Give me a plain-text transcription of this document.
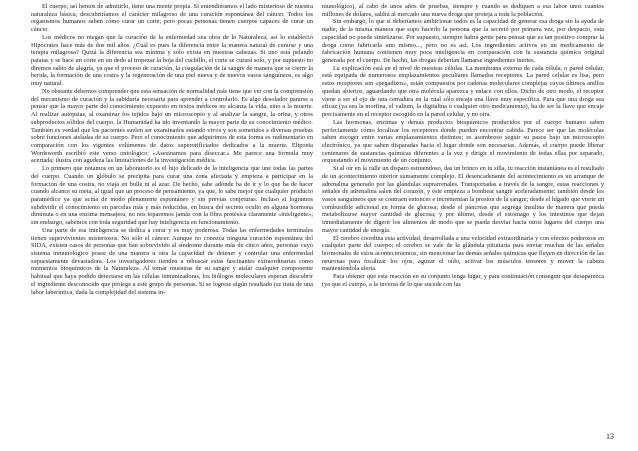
El cuerpo, así hemos de admitirlo, tiene una mente propia. Si entendiéramos el lado misterioso de nuestra naturaleza básica, descubriríamos el carácter milagroso de una curación espontánea del cáncer. Todos los organismos humanos saben cómo curar un corte, pero pocas personas tienen cuerpos capaces de curar un cáncer.

Los médicos no niegan que la curación de la enfermedad sea obra de la Naturaleza; así lo estableció Hipócrates hace más de dos mil años. ¿Cuál es pues la diferencia entre la manera natural de curarse y una terapia milagrosa? Quizá la diferencia sea mínima y sólo exista en nuestras cabezas. Si uno está pelando patatas y se hace un corte en un dedo al tropezar la hoja del cuchillo, el corte se curará solo, y por supuesto no diremos sabio de alegría, ya que el proceso de curación, la coagulación de la sangre de manera que se cierre la herida, la formación de una costra y la regeneración de una piel nueva y de nuevos vasos sanguíneos, es algo muy natural.

No obstante debemos comprender que esta sensación de normalidad más tiene que ver con la comprensión del mecanismo de curación y la sabiduría necesaria para aprender a controlarlo. Es algo desolador pararse a pensar que la mayor parte del conocimiento expuesto en textos médicos no alcanza la vida, sino a la muerte. Al realizar autopsias, al examinar los tejidos bajo un microscopio y al analizar la sangre, la orina, y otros subproductos sólidos del cuerpo, la Humanidad ha ido inventando la mayor parte de su conocimiento médico. También es verdad que los pacientes suelen ser examinados estando vivos y son sometidos a diversas pruebas sobre funciones aisladas de su cuerpo. Pero el conocimiento que adquirimos de esta forma es rudimentario en comparación con los vigentes volúmenes de datos superorificiados dedicados a la muerte. Elipoeta Wordsworth escribió este verso ontológico: «Asesinamos para diseccar.» Me parece una fórmula muy acertada; ilustra con agudeza las limitaciones de la investigación médica.

Lo primero que notamos en un laboratorio es el hijo delicado de la inteligencia que une todas las partes del cuerpo. Cuando un glóbulo se precipita para curar una zona afectada y empieza a participar en la formación de una costra, no viaja en bulle ni al azar. De hecho, sabe adónde ha de ir y lo que ha de hacer cuando alcance su meta, al igual que un proceso de pensamiento, ya que, lo sabe mejor que cualquier producto paramédico ya que actúa de modo plenamente espontáneo y sin previas conjeturas. Incluso si logramos subdividir el conocimiento en parcelas más y más reducidas, en busca del secreto oculto en alguna hormona diminuta o en una enzima mensajera, no nos toparemos jamás con la fibra protésica claramente «inteligente»; sin embargo, sabemos con toda seguridad que hay inteligencia en funcionamiento.

Una parte de esa inteligencia se dedica a curar y es muy poderosa. Todas las enfermedades terminales tienen supervivientes misteriosos. No sólo el cáncer. Aunque no conozca ninguna curación espontánea del SIDA, existen casos de personas que han sobrevivido al síndrome durante más de cinco años, personas cuyo sistema inmunológico posee de una manera u otra la capacidad de detener y controlar una enfermedad supuestamente devastadora. Los investigadores tienden a rebuscar estas fascinantes extraordinarias como momentos bioquímicos de la Naturaleza. Al tomar muestras de su sangre y aislar cualquier componente habitual que haya podido detectarse en las células inmunizadoras, los biólogos moleculares esperan descubrir el ingrediente desconocido que protege a este grupo de personas. Si se logrese algún resultado (se trata de una labor laberíntica, dada la complejidad del sistema in-

munológico), al cabo de unos años de pruebas, siempre y cuando se dediquen a esa labor unos cuantos millones de dólares, saldrá al mercado una nueva droga que proteja a toda la población.

Sin embargo, lo que sí deberíamos ambicionar todos es la capacidad de generar esa droga sin la ayuda de nadie, de la misma manera que supo hacerlo la persona que la secretó por primera vez, por despacio, esta capacidad no puede sintetizarse. Por supuesto, siempre habrá gente para pensar que es tan positivo comprar la droga como fabricarla uno mismo..., pero no es así. Los ingredientes activos en un medicamento de fabricación humana contienen muy poca inteligencia en comparación con la sustancia química original generada por el cuerpo. De hecho, las drogas deberían llamarse ingredientes inertes.

La explicación está en el nivel de nuestras células. La membrana externa de cada célula, o pared celular, está equipada de numerosos emplazamientos peculiares llamados receptores. La pared celular es lisa, pero estos receptores son «pegadizos», están compuestos por cadenas moleculares complejas cuyos últimos anillos quedan abiertos, aguardando que otra molécula aparezca y enlace con ellos. Dicho de otro modo, el receptor viene a ser el ojo de una cerradura en la cual sólo encaja una llave muy específica. Para que una droga sea eficaz (ya sea la morfina, el valium, la digitalina o cualquier otro medicamento), ha de ser la llave que encaje precisamente en el receptor escogido en la pared celular, y no otra.

Las hormonas, enzimas y demás productos bioquímicos producidos por el cuerpo humano saben perfectamente cómo localizar los receptores donde pueden encontrar cabida. Parece ser que las moléculas saben escoger entre varias emplazamientos distintos; es asombroso seguir su pasos bajo un microscopio electrónico, ya que saben disparadas hacia el lugar donde son necesarias. Además, el cuerpo puede liberar centenares de sustancias químicas diferentes a la vez y dirigir el movimiento de todas ellas por separado, orquestando el movimiento de un conjunto.

Si al oír en la calle un disparo estruendoso, das un brinco en tu silla, tu reacción instantánea es el resultado de un acontecimiento interior sumamente complejo. El desencadenante del acontecimiento es un arranque de adrenalina generado por las glándulas suprarrenales. Transportadas a través de la sangre, estas reacciones y señales de adrenalina salen del corazón, y éste empieza a bombear sangre aceleradamente; también desde los vasos sanguíneos que se contraen entonces e incrementan la presión de la sangre; desde el hígado que vierte un combustible adicional en forma de glucosa; desde el páncreas que segrega insulina de manera que pueda metabolizarse mayor cantidad de glucosa; y por último, desde el estómago y los intestinos que dejan inmediatamente de digerir los alimentos de modo que se pueda desviar hacia otros lugares del cuerpo una mayor cantidad de energía.

El cerebro coordina esta actividad, desarrollada a una velocidad extraordinaria y con efectos poderosos en cualquier parte del cuerpo; el cerebro se vale de la glándula pituitaria para enviar muchas de las señales hormonales de estos acontecimientos, sin mencionar las demás señales químicas que fluyen en dirección de las neuronas para focalizar los ojos, aguzar el oído, activar los músculos tensores y mover la cabeza manteniéndola alerta.

Para obtener que esta reacción en su conjunto tenga lugar, y para continuación conseguir que desaparezca (ya que el cuerpo, a la inversa de lo que sucede con las

13
